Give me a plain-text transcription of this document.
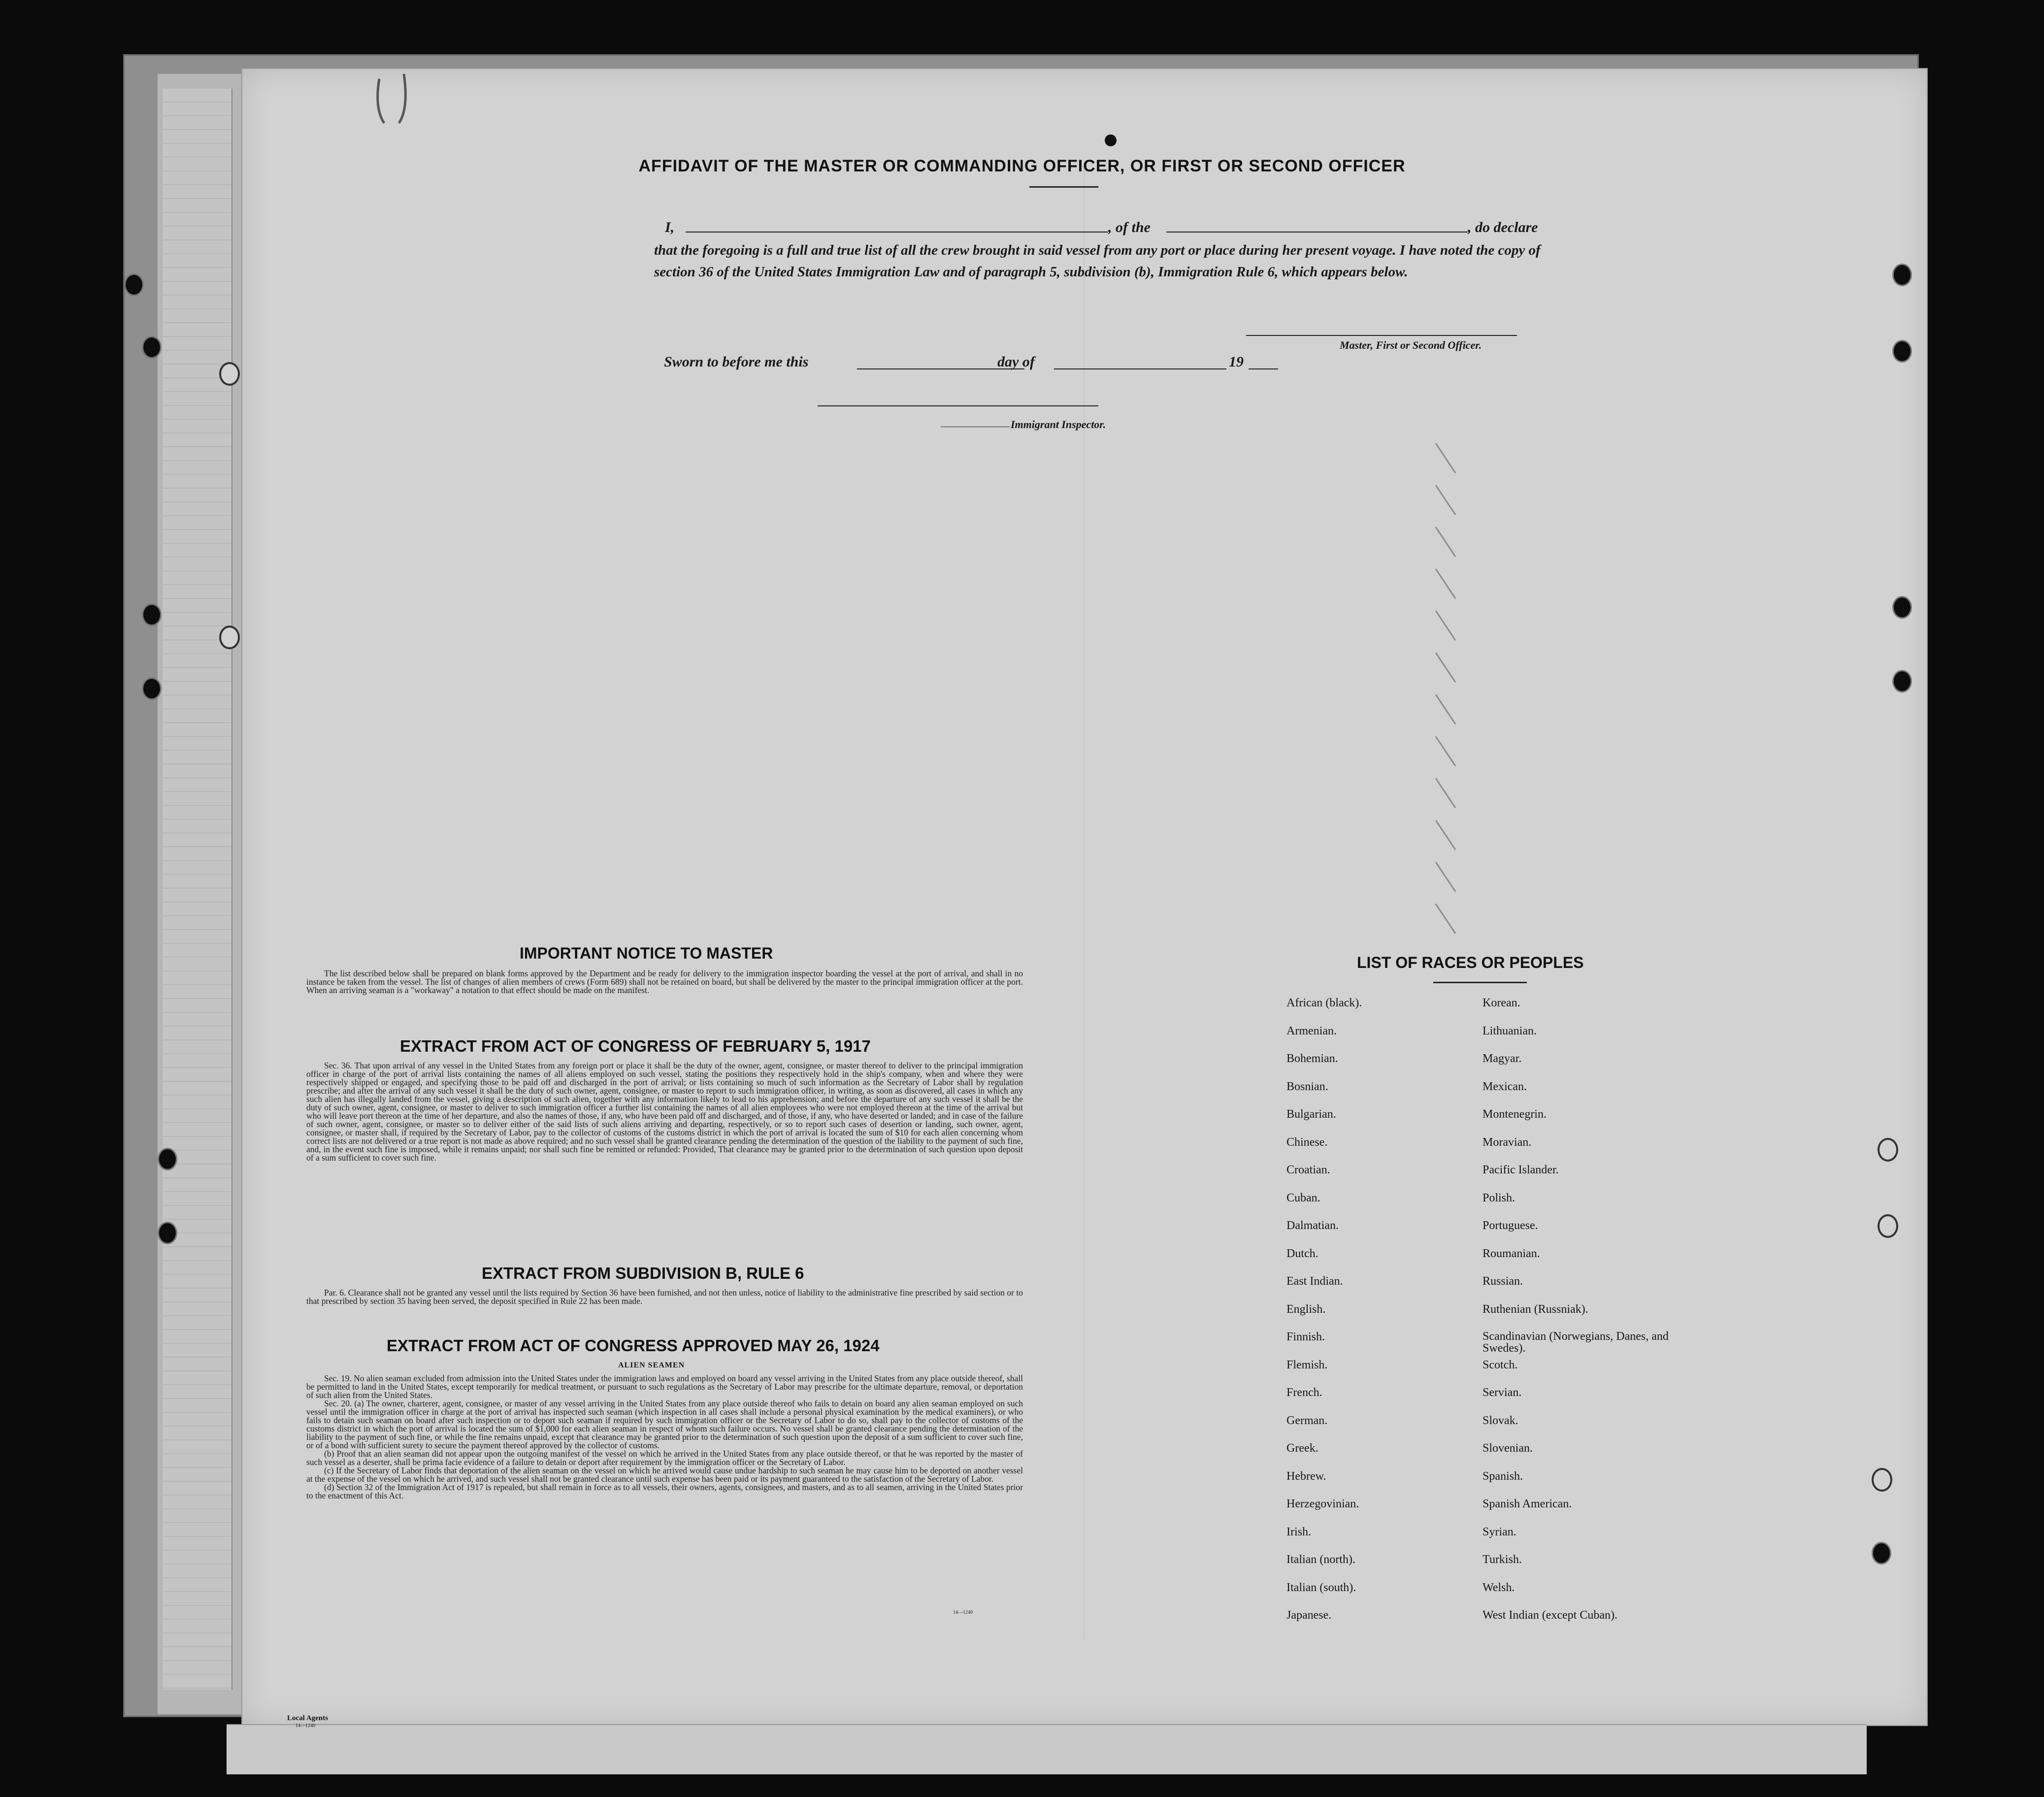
AFFIDAVIT OF THE MASTER OR COMMANDING OFFICER, OR FIRST OR SECOND OFFICER
I,	, of the	, do declare
that the foregoing is a full and true list of all the crew brought in said vessel from any port or place during her present voyage. I have noted the copy of section 36 of the United States Immigration Law and of paragraph 5, subdivision (b), Immigration Rule 6, which appears below.
Master, First or Second Officer.
Sworn to before me this	day of	19
Immigrant Inspector.
IMPORTANT NOTICE TO MASTER
The list described below shall be prepared on blank forms approved by the Department and be ready for delivery to the immigration inspector boarding the vessel at the port of arrival, and shall in no instance be taken from the vessel. The list of changes of alien members of crews (Form 689) shall not be retained on board, but shall be delivered by the master to the principal immigration officer at the port. When an arriving seaman is a "workaway" a notation to that effect should be made on the manifest.
EXTRACT FROM ACT OF CONGRESS OF FEBRUARY 5, 1917
Sec. 36. That upon arrival of any vessel in the United States from any foreign port or place it shall be the duty of the owner, agent, consignee, or master thereof to deliver to the principal immigration officer in charge of the port of arrival lists containing the names of all aliens employed on such vessel, stating the positions they respectively hold in the ship's company, when and where they were respectively shipped or engaged, and specifying those to be paid off and discharged in the port of arrival; or lists containing so much of such information as the Secretary of Labor shall by regulation prescribe; and after the arrival of any such vessel it shall be the duty of such owner, agent, consignee, or master to report to such immigration officer, in writing, as soon as discovered, all cases in which any such alien has illegally landed from the vessel, giving a description of such alien, together with any information likely to lead to his apprehension; and before the departure of any such vessel it shall be the duty of such owner, agent, consignee, or master to deliver to such immigration officer a further list containing the names of all alien employees who were not employed thereon at the time of the arrival but who will leave port thereon at the time of her departure, and also the names of those, if any, who have been paid off and discharged, and of those, if any, who have deserted or landed; and in case of the failure of such owner, agent, consignee, or master so to deliver either of the said lists of such aliens arriving and departing, respectively, or so to report such cases of desertion or landing, such owner, agent, consignee, or master shall, if required by the Secretary of Labor, pay to the collector of customs of the customs district in which the port of arrival is located the sum of $10 for each alien concerning whom correct lists are not delivered or a true report is not made as above required; and no such vessel shall be granted clearance pending the determination of the question of the liability to the payment of such fine, and, in the event such fine is imposed, while it remains unpaid; nor shall such fine be remitted or refunded: Provided, That clearance may be granted prior to the determination of such question upon deposit of a sum sufficient to cover such fine.
EXTRACT FROM SUBDIVISION B, RULE 6
Par. 6. Clearance shall not be granted any vessel until the lists required by Section 36 have been furnished, and not then unless, notice of liability to the administrative fine prescribed by said section or to that prescribed by section 35 having been served, the deposit specified in Rule 22 has been made.
EXTRACT FROM ACT OF CONGRESS APPROVED MAY 26, 1924
ALIEN SEAMEN
Sec. 19. No alien seaman excluded from admission into the United States under the immigration laws and employed on board any vessel arriving in the United States from any place outside thereof, shall be permitted to land in the United States, except temporarily for medical treatment, or pursuant to such regulations as the Secretary of Labor may prescribe for the ultimate departure, removal, or deportation of such alien from the United States.
Sec. 20. (a) The owner, charterer, agent, consignee, or master of any vessel arriving in the United States from any place outside thereof who fails to detain on board any alien seaman employed on such vessel until the immigration officer in charge at the port of arrival has inspected such seaman (which inspection in all cases shall include a personal physical examination by the medical examiners), or who fails to detain such seaman on board after such inspection or to deport such seaman if required by such immigration officer or the Secretary of Labor to do so, shall pay to the collector of customs of the customs district in which the port of arrival is located the sum of $1,000 for each alien seaman in respect of whom such failure occurs. No vessel shall be granted clearance pending the determination of the liability to the payment of such fine, or while the fine remains unpaid, except that clearance may be granted prior to the determination of such question upon the deposit of a sum sufficient to cover such fine, or of a bond with sufficient surety to secure the payment thereof approved by the collector of customs.
(b) Proof that an alien seaman did not appear upon the outgoing manifest of the vessel on which he arrived in the United States from any place outside thereof, or that he was reported by the master of such vessel as a deserter, shall be prima facie evidence of a failure to detain or deport after requirement by the immigration officer or the Secretary of Labor.
(c) If the Secretary of Labor finds that deportation of the alien seaman on the vessel on which he arrived would cause undue hardship to such seaman he may cause him to be deported on another vessel at the expense of the vessel on which he arrived, and such vessel shall not be granted clearance until such expense has been paid or its payment guaranteed to the satisfaction of the Secretary of Labor.
(d) Section 32 of the Immigration Act of 1917 is repealed, but shall remain in force as to all vessels, their owners, agents, consignees, and masters, and as to all seamen, arriving in the United States prior to the enactment of this Act.
14—1240
LIST OF RACES OR PEOPLES
Local Agents
14—1240
African (black).
Armenian.
Bohemian.
Bosnian.
Bulgarian.
Chinese.
Croatian.
Cuban.
Dalmatian.
Dutch.
East Indian.
English.
Finnish.
Flemish.
French.
German.
Greek.
Hebrew.
Herzegovinian.
Irish.
Italian (north).
Italian (south).
Japanese.
Korean.
Lithuanian.
Magyar.
Mexican.
Montenegrin.
Moravian.
Pacific Islander.
Polish.
Portuguese.
Roumanian.
Russian.
Ruthenian (Russniak).
Scandinavian (Norwegians, Danes, and Swedes).
Scotch.
Servian.
Slovak.
Slovenian.
Spanish.
Spanish American.
Syrian.
Turkish.
Welsh.
West Indian (except Cuban).
